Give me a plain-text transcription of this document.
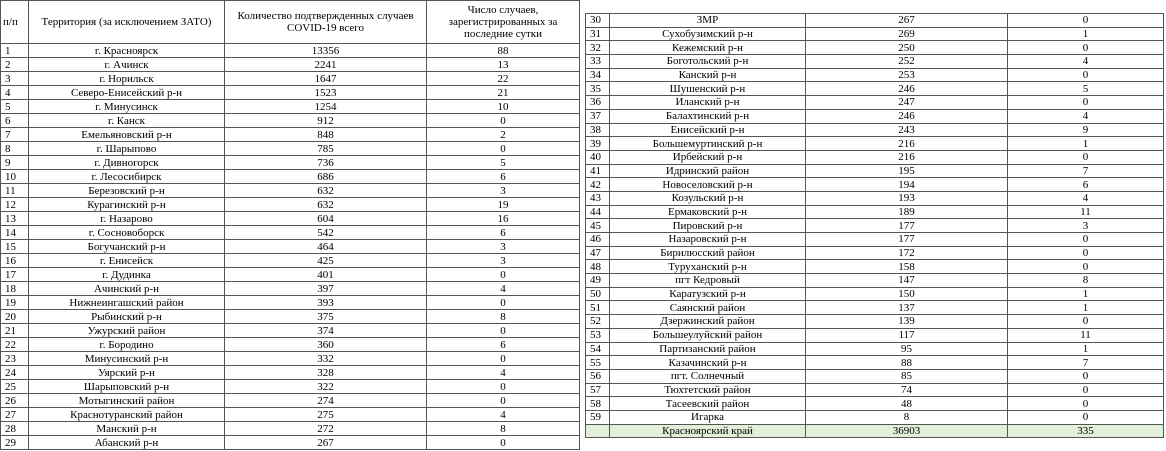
п/п	Территория (за исключением ЗАТО)	Количество подтвержденных случаев COVID-19 всего	Число случаев, зарегистрированных за последние сутки
1	г. Красноярск	13356	88
2	г. Ачинск	2241	13
3	г. Норильск	1647	22
4	Северо-Енисейский р-н	1523	21
5	г. Минусинск	1254	10
6	г. Канск	912	0
7	Емельяновский р-н	848	2
8	г. Шарыпово	785	0
9	г. Дивногорск	736	5
10	г. Лесосибирск	686	6
11	Березовский р-н	632	3
12	Курагинский р-н	632	19
13	г. Назарово	604	16
14	г. Сосновоборск	542	6
15	Богучанский р-н	464	3
16	г. Енисейск	425	3
17	г. Дудинка	401	0
18	Ачинский р-н	397	4
19	Нижнеингашский район	393	0
20	Рыбинский р-н	375	8
21	Ужурский район	374	0
22	г. Бородино	360	6
23	Минусинский р-н	332	0
24	Уярский р-н	328	4
25	Шарыповский р-н	322	0
26	Мотыгинский район	274	0
27	Краснотуранский район	275	4
28	Манский р-н	272	8
29	Абанский р-н	267	0
30	ЗМР	267	0
31	Сухобузимский р-н	269	1
32	Кежемский р-н	250	0
33	Боготольский р-н	252	4
34	Канский р-н	253	0
35	Шушенский р-н	246	5
36	Иланский р-н	247	0
37	Балахтинский р-н	246	4
38	Енисейский р-н	243	9
39	Большемуртинский р-н	216	1
40	Ирбейский р-н	216	0
41	Идринский район	195	7
42	Новоселовский р-н	194	6
43	Козульский р-н	193	4
44	Ермаковский р-н	189	11
45	Пировский р-н	177	3
46	Назаровский р-н	177	0
47	Бирилюсский район	172	0
48	Туруханский р-н	158	0
49	пгт Кедровый	147	8
50	Каратузский р-н	150	1
51	Саянский район	137	1
52	Дзержинский район	139	0
53	Большеулуйский район	117	11
54	Партизанский район	95	1
55	Казачинский р-н	88	7
56	пгт. Солнечный	85	0
57	Тюхтетский район	74	0
58	Тасеевский район	48	0
59	Игарка	8	0
	Красноярский край	36903	335
